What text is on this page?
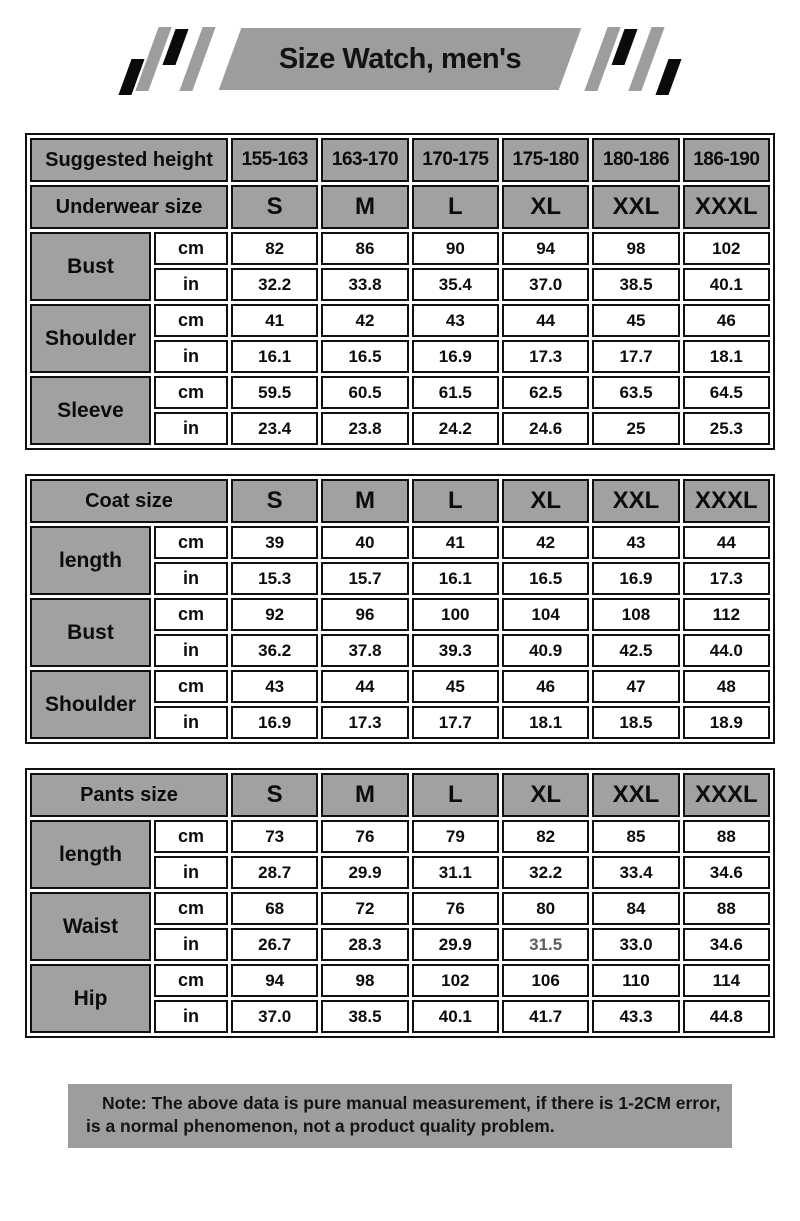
Size Watch, men's
Suggested height		155-163	163-170	170-175	175-180	180-186	186-190
Underwear size		S	M	L	XL	XXL	XXXL
Bust	cm	82	86	90	94	98	102
	in	32.2	33.8	35.4	37.0	38.5	40.1
Shoulder	cm	41	42	43	44	45	46
	in	16.1	16.5	16.9	17.3	17.7	18.1
Sleeve	cm	59.5	60.5	61.5	62.5	63.5	64.5
	in	23.4	23.8	24.2	24.6	25	25.3
Coat size		S	M	L	XL	XXL	XXXL
length	cm	39	40	41	42	43	44
	in	15.3	15.7	16.1	16.5	16.9	17.3
Bust	cm	92	96	100	104	108	112
	in	36.2	37.8	39.3	40.9	42.5	44.0
Shoulder	cm	43	44	45	46	47	48
	in	16.9	17.3	17.7	18.1	18.5	18.9
Pants size		S	M	L	XL	XXL	XXXL
length	cm	73	76	79	82	85	88
	in	28.7	29.9	31.1	32.2	33.4	34.6
Waist	cm	68	72	76	80	84	88
	in	26.7	28.3	29.9	31.5	33.0	34.6
Hip	cm	94	98	102	106	110	114
	in	37.0	38.5	40.1	41.7	43.3	44.8
Note: The above data is pure manual measurement, if there is 1-2CM error,
is a normal phenomenon, not a product quality problem.
